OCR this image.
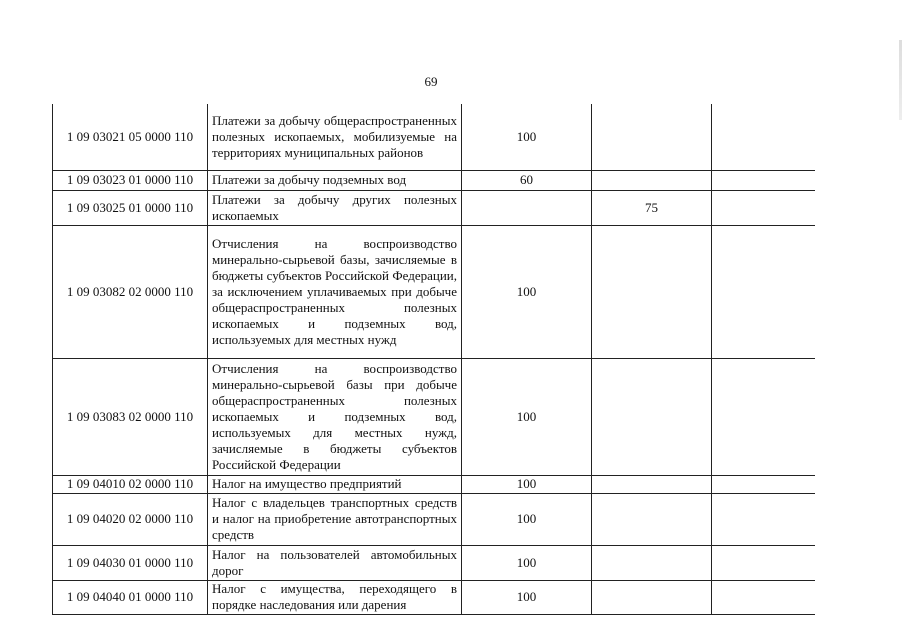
69
1 09 03021 05 0000 110	Платежи за добычу общераспространенных полезных ископаемых, мобилизуемые на территориях муниципальных районов	100		
1 09 03023 01 0000 110	Платежи за добычу подземных вод	60		
1 09 03025 01 0000 110	Платежи за добычу других полезных ископаемых		75	
1 09 03082 02 0000 110	Отчисления на воспроизводство минерально-сырьевой базы, зачисляемые в бюджеты субъектов Российской Федерации, за исключением уплачиваемых при добыче общераспространенных полезных ископаемых и подземных вод, используемых для местных нужд	100		
1 09 03083 02 0000 110	Отчисления на воспроизводство минерально-сырьевой базы при добыче общераспространенных полезных ископаемых и подземных вод, используемых для местных нужд, зачисляемые в бюджеты субъектов Российской Федерации	100		
1 09 04010 02 0000 110	Налог на имущество предприятий	100		
1 09 04020 02 0000 110	Налог с владельцев транспортных средств и налог на приобретение автотранспортных средств	100		
1 09 04030 01 0000 110	Налог на пользователей автомобильных дорог	100		
1 09 04040 01 0000 110	Налог с имущества, переходящего в порядке наследования или дарения	100		
